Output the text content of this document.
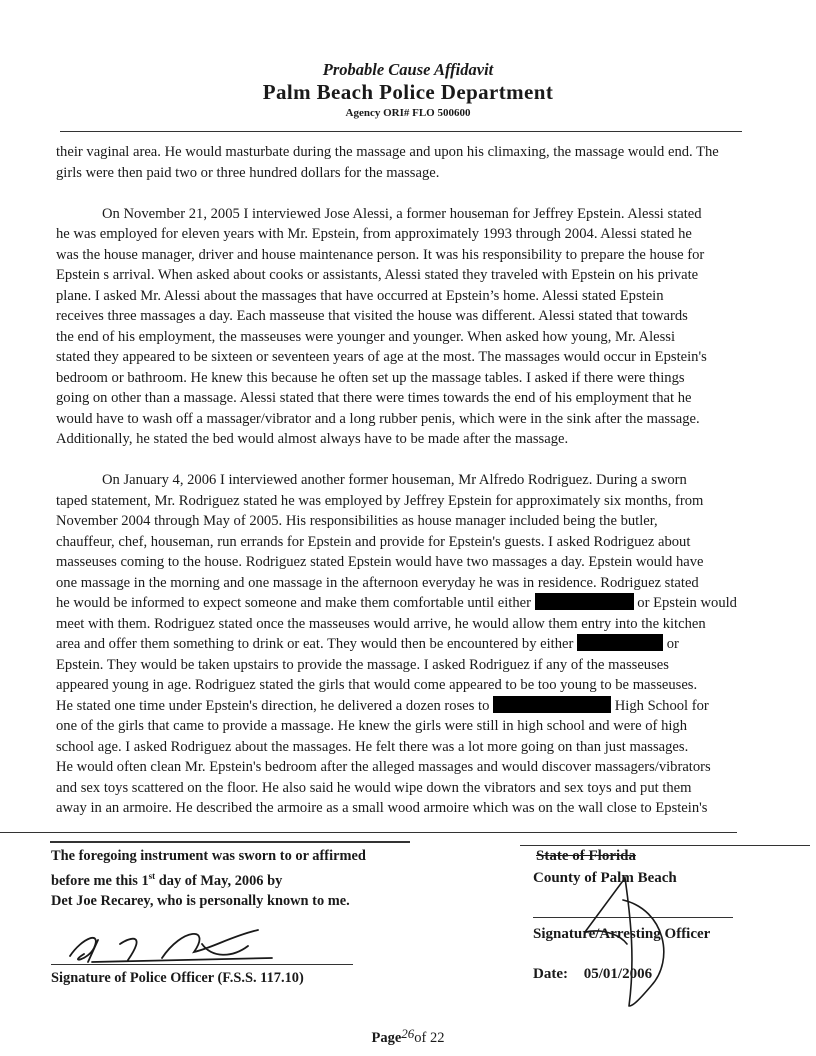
Probable Cause Affidavit
Palm Beach Police Department
Agency ORI# FLO 500600
their vaginal area. He would masturbate during the massage and upon his climaxing, the massage would end. The
girls were then paid two or three hundred dollars for the massage.
On November 21, 2005 I interviewed Jose Alessi, a former houseman for Jeffrey Epstein. Alessi stated
he was employed for eleven years with Mr. Epstein, from approximately 1993 through 2004. Alessi stated he
was the house manager, driver and house maintenance person. It was his responsibility to prepare the house for
Epstein s arrival. When asked about cooks or assistants, Alessi stated they traveled with Epstein on his private
plane. I asked Mr. Alessi about the massages that have occurred at Epstein’s home. Alessi stated Epstein
receives three massages a day. Each masseuse that visited the house was different. Alessi stated that towards
the end of his employment, the masseuses were younger and younger. When asked how young, Mr. Alessi
stated they appeared to be sixteen or seventeen years of age at the most. The massages would occur in Epstein's
bedroom or bathroom. He knew this because he often set up the massage tables. I asked if there were things
going on other than a massage. Alessi stated that there were times towards the end of his employment that he
would have to wash off a massager/vibrator and a long rubber penis, which were in the sink after the massage.
Additionally, he stated the bed would almost always have to be made after the massage.
On January 4, 2006 I interviewed another former houseman, Mr Alfredo Rodriguez. During a sworn
taped statement, Mr. Rodriguez stated he was employed by Jeffrey Epstein for approximately six months, from
November 2004 through May of 2005. His responsibilities as house manager included being the butler,
chauffeur, chef, houseman, run errands for Epstein and provide for Epstein's guests. I asked Rodriguez about
masseuses coming to the house. Rodriguez stated Epstein would have two massages a day. Epstein would have
one massage in the morning and one massage in the afternoon everyday he was in residence. Rodriguez stated
he would be informed to expect someone and make them comfortable until either	or Epstein would
meet with them. Rodriguez stated once the masseuses would arrive, he would allow them entry into the kitchen
area and offer them something to drink or eat. They would then be encountered by either	or
Epstein. They would be taken upstairs to provide the massage. I asked Rodriguez if any of the masseuses
appeared young in age. Rodriguez stated the girls that would come appeared to be too young to be masseuses.
He stated one time under Epstein's direction, he delivered a dozen roses to	High School for
one of the girls that came to provide a massage. He knew the girls were still in high school and were of high
school age. I asked Rodriguez about the massages. He felt there was a lot more going on than just massages.
He would often clean Mr. Epstein's bedroom after the alleged massages and would discover massagers/vibrators
and sex toys scattered on the floor. He also said he would wipe down the vibrators and sex toys and put them
away in an armoire. He described the armoire as a small wood armoire which was on the wall close to Epstein's
The foregoing instrument was sworn to or affirmed
before me this 1st day of May, 2006 by
Det Joe Recarey, who is personally known to me.
Signature of Police Officer (F.S.S. 117.10)
State of Florida
County of Palm Beach
Signature/Arresting Officer
Date: 05/01/2006
Page26of 22
